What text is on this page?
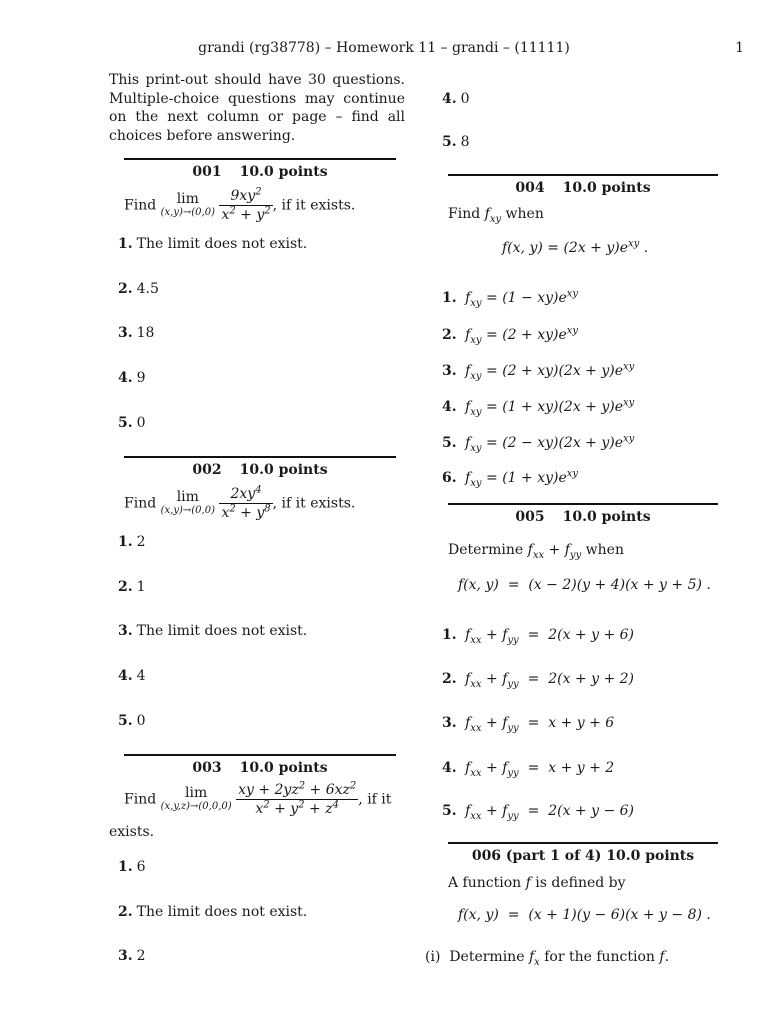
grandi (rg38778) – Homework 11 – grandi – (11111)	1
This print-out should have 30 questions. Multiple-choice questions may continue on the next column or page – find all choices before answering.
001 10.0 points
Find	lim
(x,y)→(0,0)
$\frac{9xy^2}{x^2 + y^2}$ , if it exists.
1. The limit does not exist.
2. 4.5
3. 18
4. 9
5. 0
002 10.0 points
Find	lim
(x,y)→(0,0)
$\frac{2xy^4}{x^2 + y^8}$ , if it exists.
1. 2
2. 1
3. The limit does not exist.
4. 4
5. 0
003 10.0 points
Find	lim
(x,y,z)→(0,0,0)
$\frac{xy + 2yz^2 + 6xz^2}{x^2 + y^2 + z^4}$ , if it
exists.
1. 6
2. The limit does not exist.
3. 2
4. 0
5. 8
004 10.0 points
Find $f_{xy}$ when
f(x, $y) = (2x + y)e^{xy}$ .
1. $f_{xy} = (1 - xy)e^{xy}$
2. $f_{xy} = (2 + xy)e^{xy}$
3. $f_{xy} = (2 + xy)(2x + y)e^{xy}$
4. $f_{xy} = (1 + xy)(2x + y)e^{xy}$
5. $f_{xy} = (2 - xy)(2x + y)e^{xy}$
6. $f_{xy} = (1 + xy)e^{xy}$
005 10.0 points
Determine $f_{xx} + f_{yy}$ when
f(x, y)  =  (x − 2)(y + 4)(x + y + 5) .
1. $f_{xx} + f_{yy} = 2(x + y + 6)$
2. $f_{xx} + f_{yy} = 2(x + y + 2)$
3. $f_{xx} + f_{yy} = x + y + 6$
4. $f_{xx} + f_{yy} = x + y + 2$
5. $f_{xx} + f_{yy} = 2(x + y - 6)$
006 (part 1 of 4) 10.0 points
A function f is defined by
f(x, y)  =  (x + 1)(y − 6)(x + y − 8) .
(i) Determine $f_x$ for the function f.
